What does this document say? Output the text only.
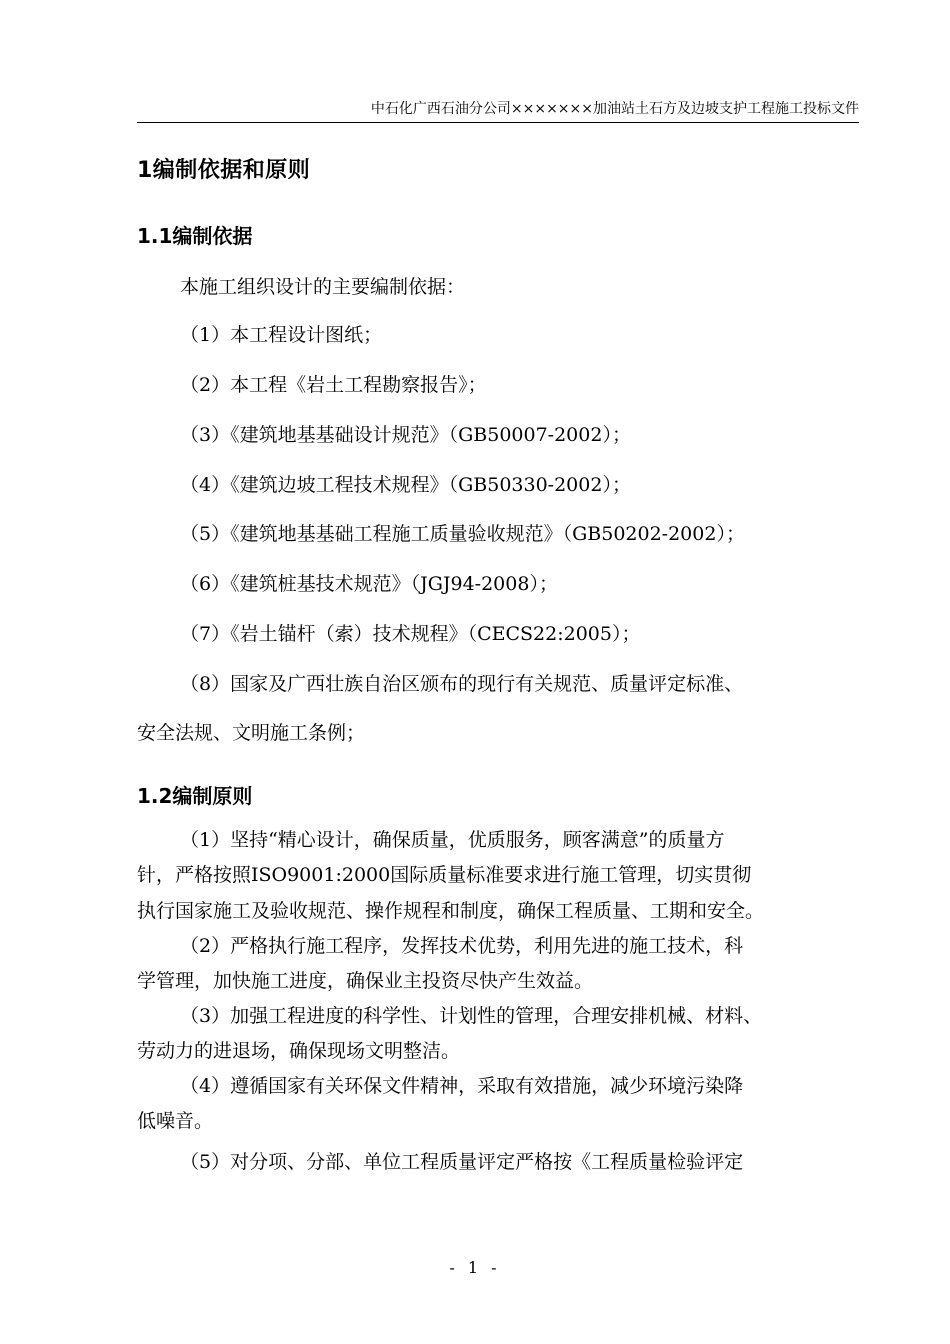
中石化广西石油分公司×××××××加油站土石方及边坡支护工程施工投标文件
1编制依据和原则
1.1编制依据
本施工组织设计的主要编制依据：
（1）本工程设计图纸；
（2）本工程《岩土工程勘察报告》；
（3）《建筑地基基础设计规范》（GB50007-2002）；
（4）《建筑边坡工程技术规程》（GB50330-2002）；
（5）《建筑地基基础工程施工质量验收规范》（GB50202-2002）；
（6）《建筑桩基技术规范》（JGJ94-2008）；
（7）《岩土锚杆（索）技术规程》（CECS22:2005）；
（8）国家及广西壮族自治区颁布的现行有关规范、质量评定标准、
安全法规、文明施工条例；
1.2编制原则
（1）坚持“精心设计，确保质量，优质服务，顾客满意”的质量方
针，严格按照ISO9001:2000国际质量标准要求进行施工管理，切实贯彻
执行国家施工及验收规范、操作规程和制度，确保工程质量、工期和安全。
（2）严格执行施工程序，发挥技术优势，利用先进的施工技术，科
学管理，加快施工进度，确保业主投资尽快产生效益。
（3）加强工程进度的科学性、计划性的管理，合理安排机械、材料、
劳动力的进退场，确保现场文明整洁。
（4）遵循国家有关环保文件精神，采取有效措施，减少环境污染降
低噪音。
（5）对分项、分部、单位工程质量评定严格按《工程质量检验评定
- 1 -
